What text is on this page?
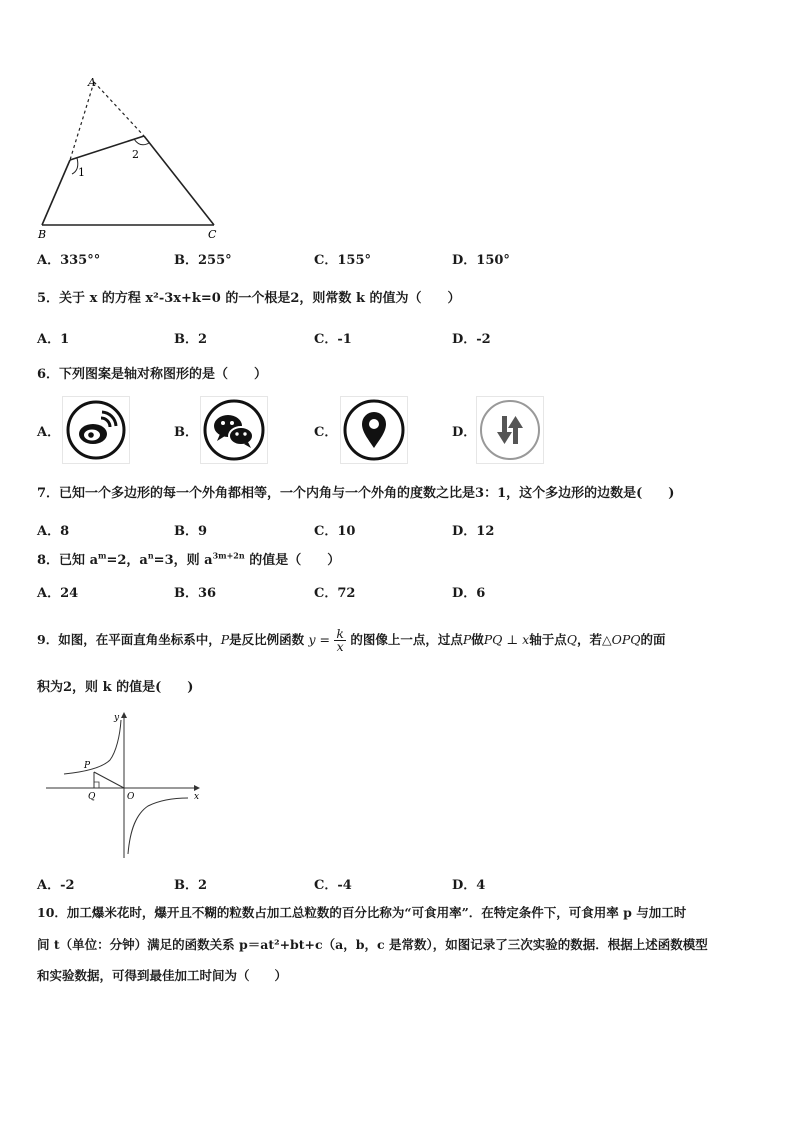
A
B	C
1
2
A．335°°	B．255°	C．155°	D．150°
5．关于 x 的方程 x²-3x+k=0 的一个根是2，则常数 k 的值为（　　）
A．1	B．2	C．-1	D．-2
6．下列图案是轴对称图形的是（　　）
A．	B．	C．	D．
7．已知一个多边形的每一个外角都相等，一个内角与一个外角的度数之比是3：1，这个多边形的边数是(　　)
A．8	B．9	C．10	D．12
8．已知 $a^m=2$，$a^n=3$，则 $a^{3m+2n}$ 的值是（　　）
A．24	B．36	C．72	D．6
9．如图，在平面直角坐标系中，P是反比例函数 $y = \frac{k}{x}$ 的图像上一点，过点P做PQ ⊥ x轴于点Q，若△OPQ的面
积为2，则 k 的值是(　　)
y
x
P
Q	O
A．-2	B．2	C．-4	D．4
10．加工爆米花时，爆开且不糊的粒数占加工总粒数的百分比称为“可食用率”．在特定条件下，可食用率 p 与加工时
间 t（单位：分钟）满足的函数关系 p＝at²+bt+c（a，b，c 是常数），如图记录了三次实验的数据．根据上述函数模型
和实验数据，可得到最佳加工时间为（　　）
